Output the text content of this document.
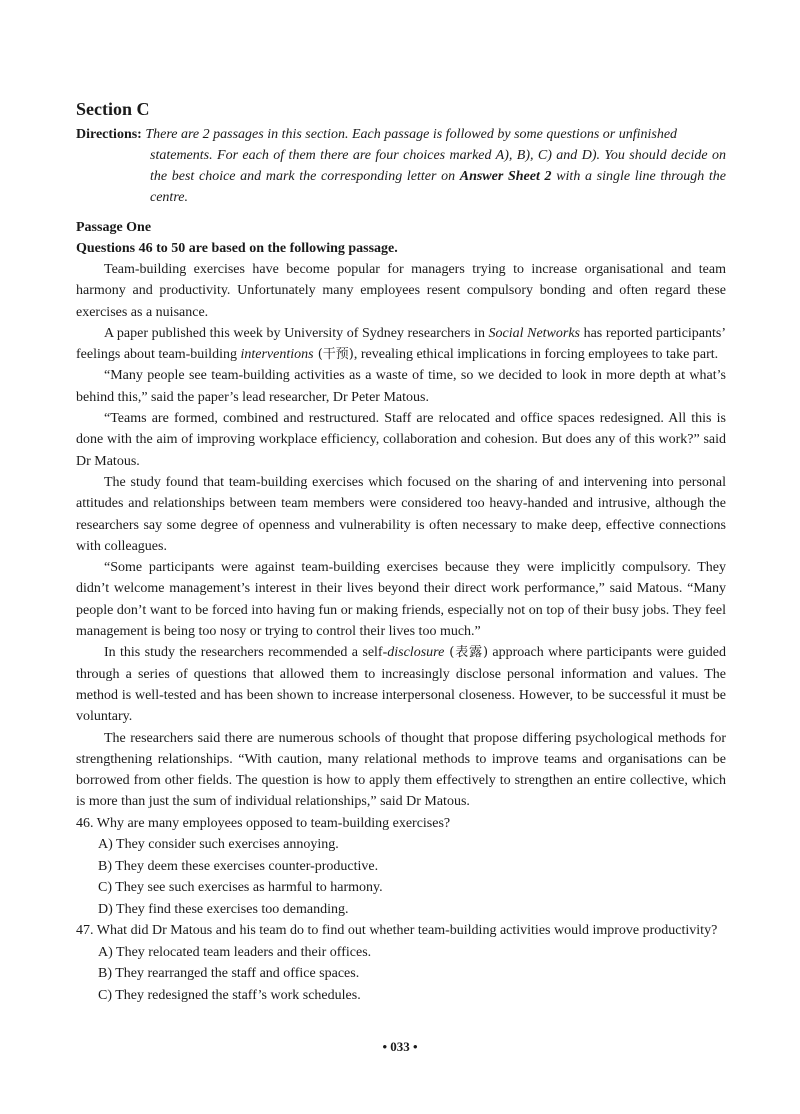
Section C
Directions: There are 2 passages in this section. Each passage is followed by some questions or unfinished
statements. For each of them there are four choices marked A), B), C) and D). You should decide on the best choice and mark the corresponding letter on Answer Sheet 2 with a single line through the centre.
Passage One
Questions 46 to 50 are based on the following passage.

Team-building exercises have become popular for managers trying to increase organisational and team harmony and productivity. Unfortunately many employees resent compulsory bonding and often regard these exercises as a nuisance.

A paper published this week by University of Sydney researchers in Social Networks has reported participants’ feelings about team-building interventions (干预), revealing ethical implications in forcing employees to take part.

“Many people see team-building activities as a waste of time, so we decided to look in more depth at what’s behind this,” said the paper’s lead researcher, Dr Peter Matous.

“Teams are formed, combined and restructured. Staff are relocated and office spaces redesigned. All this is done with the aim of improving workplace efficiency, collaboration and cohesion. But does any of this work?” said Dr Matous.

The study found that team-building exercises which focused on the sharing of and intervening into personal attitudes and relationships between team members were considered too heavy-handed and intrusive, although the researchers say some degree of openness and vulnerability is often necessary to make deep, effective connections with colleagues.

“Some participants were against team-building exercises because they were implicitly compulsory. They didn’t welcome management’s interest in their lives beyond their direct work performance,” said Matous. “Many people don’t want to be forced into having fun or making friends, especially not on top of their busy jobs. They feel management is being too nosy or trying to control their lives too much.”

In this study the researchers recommended a self-disclosure (表露) approach where participants were guided through a series of questions that allowed them to increasingly disclose personal information and values. The method is well-tested and has been shown to increase interpersonal closeness. However, to be successful it must be voluntary.

The researchers said there are numerous schools of thought that propose differing psychological methods for strengthening relationships. “With caution, many relational methods to improve teams and organisations can be borrowed from other fields. The question is how to apply them effectively to strengthen an entire collective, which is more than just the sum of individual relationships,” said Dr Matous.

46. Why are many employees opposed to team-building exercises?
A) They consider such exercises annoying.
B) They deem these exercises counter-productive.
C) They see such exercises as harmful to harmony.
D) They find these exercises too demanding.
47. What did Dr Matous and his team do to find out whether team-building activities would improve productivity?
A) They relocated team leaders and their offices.
B) They rearranged the staff and office spaces.
C) They redesigned the staff’s work schedules.
• 033 •
